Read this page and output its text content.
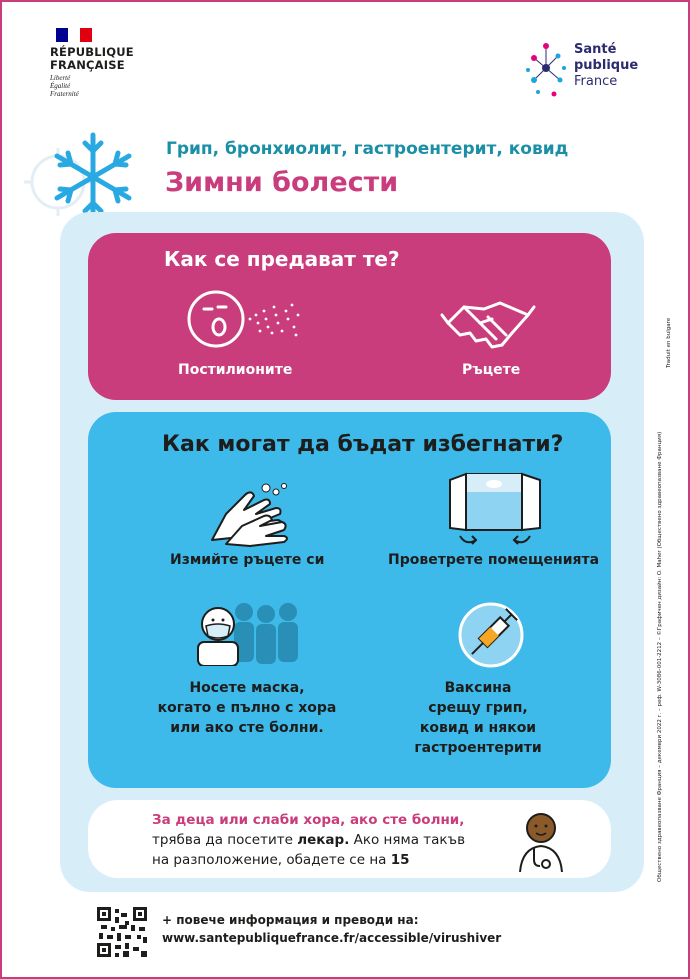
RÉPUBLIQUE
FRANÇAISE
Liberté
Égalité
Fraternité
Santé
publique
France
Грип, бронхиолит, гастроентерит, ковид
Зимни болести
Как се предават те?
Постилионите	Ръцете
Как могат да бъдат избегнати?
Измийте ръцете си	Проветрете помещенията
Носете маска,
когато е пълно с хора
или ако сте болни.
Ваксина
срещу грип,
ковид и някои
гастроентерити
За деца или слаби хора, ако сте болни,
трябва да посетите лекар. Ако няма такъв
на разположение, обадете се на 15
+ повече информация и преводи на:
www.santepubliquefrance.fr/accessible/virushiver
Обществено здравеопазване Франция – декември 2022 г. – реф. W-3086-001-2212 – ©Графичен дизайн: O. Maher (Обществено здравеопазване Франция)
Traduit en bulgare
